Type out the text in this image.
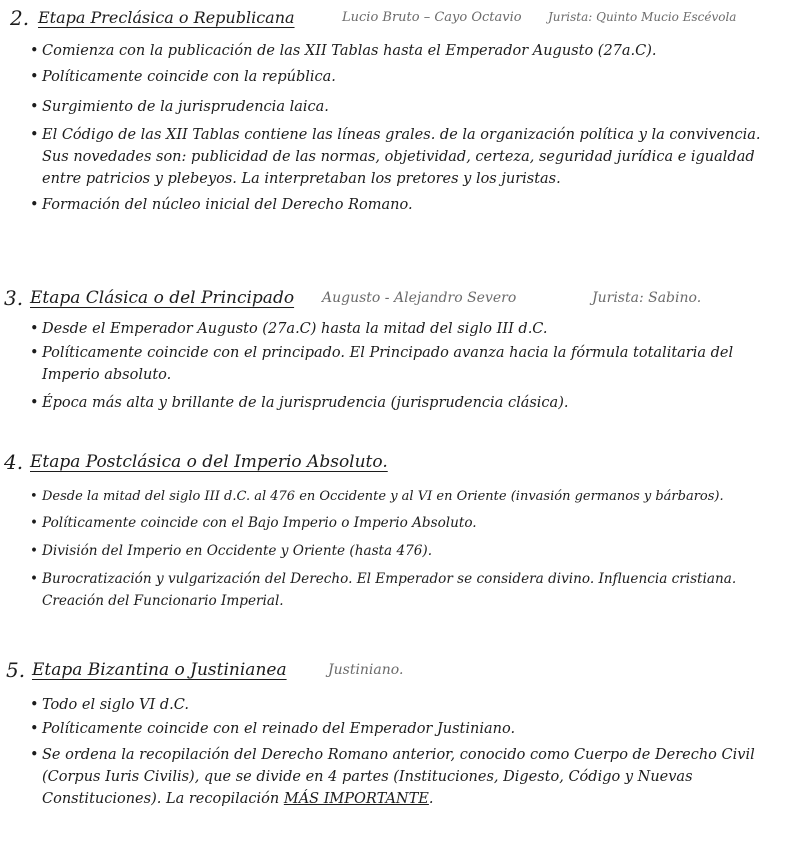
2. Etapa Preclásica o Republicana	Lucio Bruto – Cayo Octavio Jurista: Quinto Mucio Escévola
• Comienza con la publicación de las XII Tablas hasta el Emperador Augusto (27a.C).
• Políticamente coincide con la república.
• Surgimiento de la jurisprudencia laica.
• El Código de las XII Tablas contiene las líneas grales. de la organización política y la convivencia. Sus novedades son: publicidad de las normas, objetividad, certeza, seguridad jurídica e igualdad entre patricios y plebeyos. La interpretaban los pretores y los juristas.
• Formación del núcleo inicial del Derecho Romano.
3. Etapa Clásica o del Principado Augusto - Alejandro Severo	Jurista: Sabino.
• Desde el Emperador Augusto (27a.C) hasta la mitad del siglo III d.C.
• Políticamente coincide con el principado. El Principado avanza hacia la fórmula totalitaria del Imperio absoluto.
• Época más alta y brillante de la jurisprudencia (jurisprudencia clásica).
4. Etapa Postclásica o del Imperio Absoluto.
• Desde la mitad del siglo III d.C. al 476 en Occidente y al VI en Oriente (invasión germanos y bárbaros).
• Políticamente coincide con el Bajo Imperio o Imperio Absoluto.
• División del Imperio en Occidente y Oriente (hasta 476).
• Burocratización y vulgarización del Derecho. El Emperador se considera divino. Influencia cristiana. Creación del Funcionario Imperial.
5. Etapa Bizantina o Justinianea	Justiniano.
• Todo el siglo VI d.C.
• Políticamente coincide con el reinado del Emperador Justiniano.
• Se ordena la recopilación del Derecho Romano anterior, conocido como Cuerpo de Derecho Civil (Corpus Iuris Civilis), que se divide en 4 partes (Instituciones, Digesto, Código y Nuevas Constituciones). La recopilación MÁS IMPORTANTE.
